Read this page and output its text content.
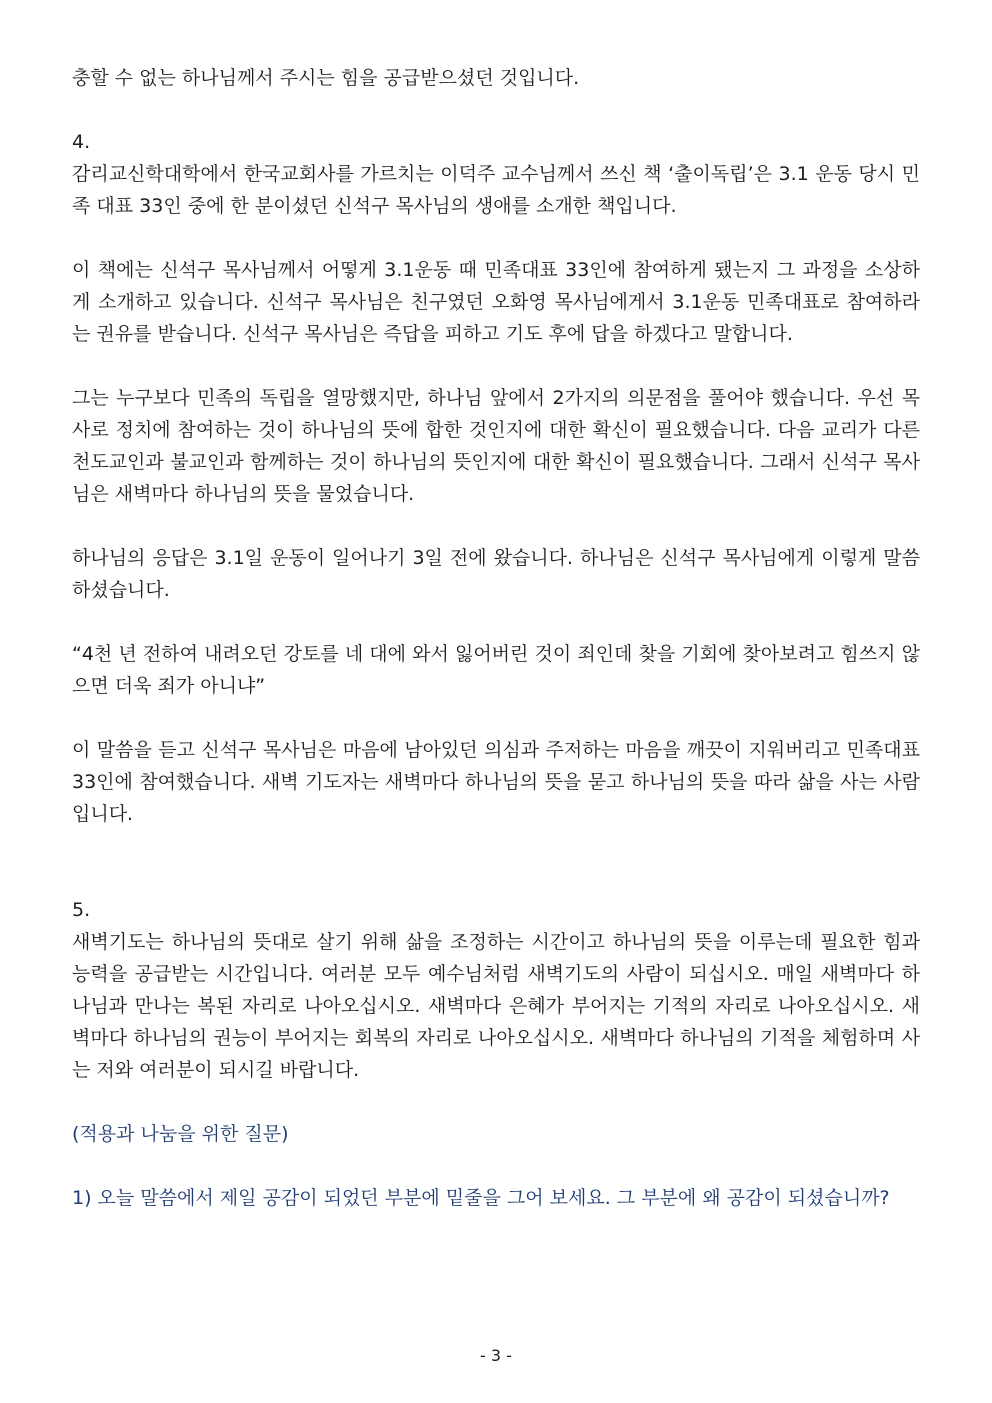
충할 수 없는 하나님께서 주시는 힘을 공급받으셨던 것입니다.

4.

감리교신학대학에서 한국교회사를 가르치는 이덕주 교수님께서 쓰신 책 ‘출이독립’은 3.1 운동 당시 민족 대표 33인 중에 한 분이셨던 신석구 목사님의 생애를 소개한 책입니다.

이 책에는 신석구 목사님께서 어떻게 3.1운동 때 민족대표 33인에 참여하게 됐는지 그 과정을 소상하게 소개하고 있습니다. 신석구 목사님은 친구였던 오화영 목사님에게서 3.1운동 민족대표로 참여하라는 권유를 받습니다. 신석구 목사님은 즉답을 피하고 기도 후에 답을 하겠다고 말합니다.

그는 누구보다 민족의 독립을 열망했지만, 하나님 앞에서 2가지의 의문점을 풀어야 했습니다. 우선 목사로 정치에 참여하는 것이 하나님의 뜻에 합한 것인지에 대한 확신이 필요했습니다. 다음 교리가 다른 천도교인과 불교인과 함께하는 것이 하나님의 뜻인지에 대한 확신이 필요했습니다. 그래서 신석구 목사님은 새벽마다 하나님의 뜻을 물었습니다.

하나님의 응답은 3.1일 운동이 일어나기 3일 전에 왔습니다. 하나님은 신석구 목사님에게 이렇게 말씀하셨습니다.

“4천 년 전하여 내려오던 강토를 네 대에 와서 잃어버린 것이 죄인데 찾을 기회에 찾아보려고 힘쓰지 않으면 더욱 죄가 아니냐”

이 말씀을 듣고 신석구 목사님은 마음에 남아있던 의심과 주저하는 마음을 깨끗이 지워버리고 민족대표 33인에 참여했습니다. 새벽 기도자는 새벽마다 하나님의 뜻을 묻고 하나님의 뜻을 따라 삶을 사는 사람입니다.

5.

새벽기도는 하나님의 뜻대로 살기 위해 삶을 조정하는 시간이고 하나님의 뜻을 이루는데 필요한 힘과 능력을 공급받는 시간입니다. 여러분 모두 예수님처럼 새벽기도의 사람이 되십시오. 매일 새벽마다 하나님과 만나는 복된 자리로 나아오십시오. 새벽마다 은혜가 부어지는 기적의 자리로 나아오십시오. 새벽마다 하나님의 권능이 부어지는 회복의 자리로 나아오십시오. 새벽마다 하나님의 기적을 체험하며 사는 저와 여러분이 되시길 바랍니다.

(적용과 나눔을 위한 질문)

1) 오늘 말씀에서 제일 공감이 되었던 부분에 밑줄을 그어 보세요. 그 부분에 왜 공감이 되셨습니까?

- 3 -
